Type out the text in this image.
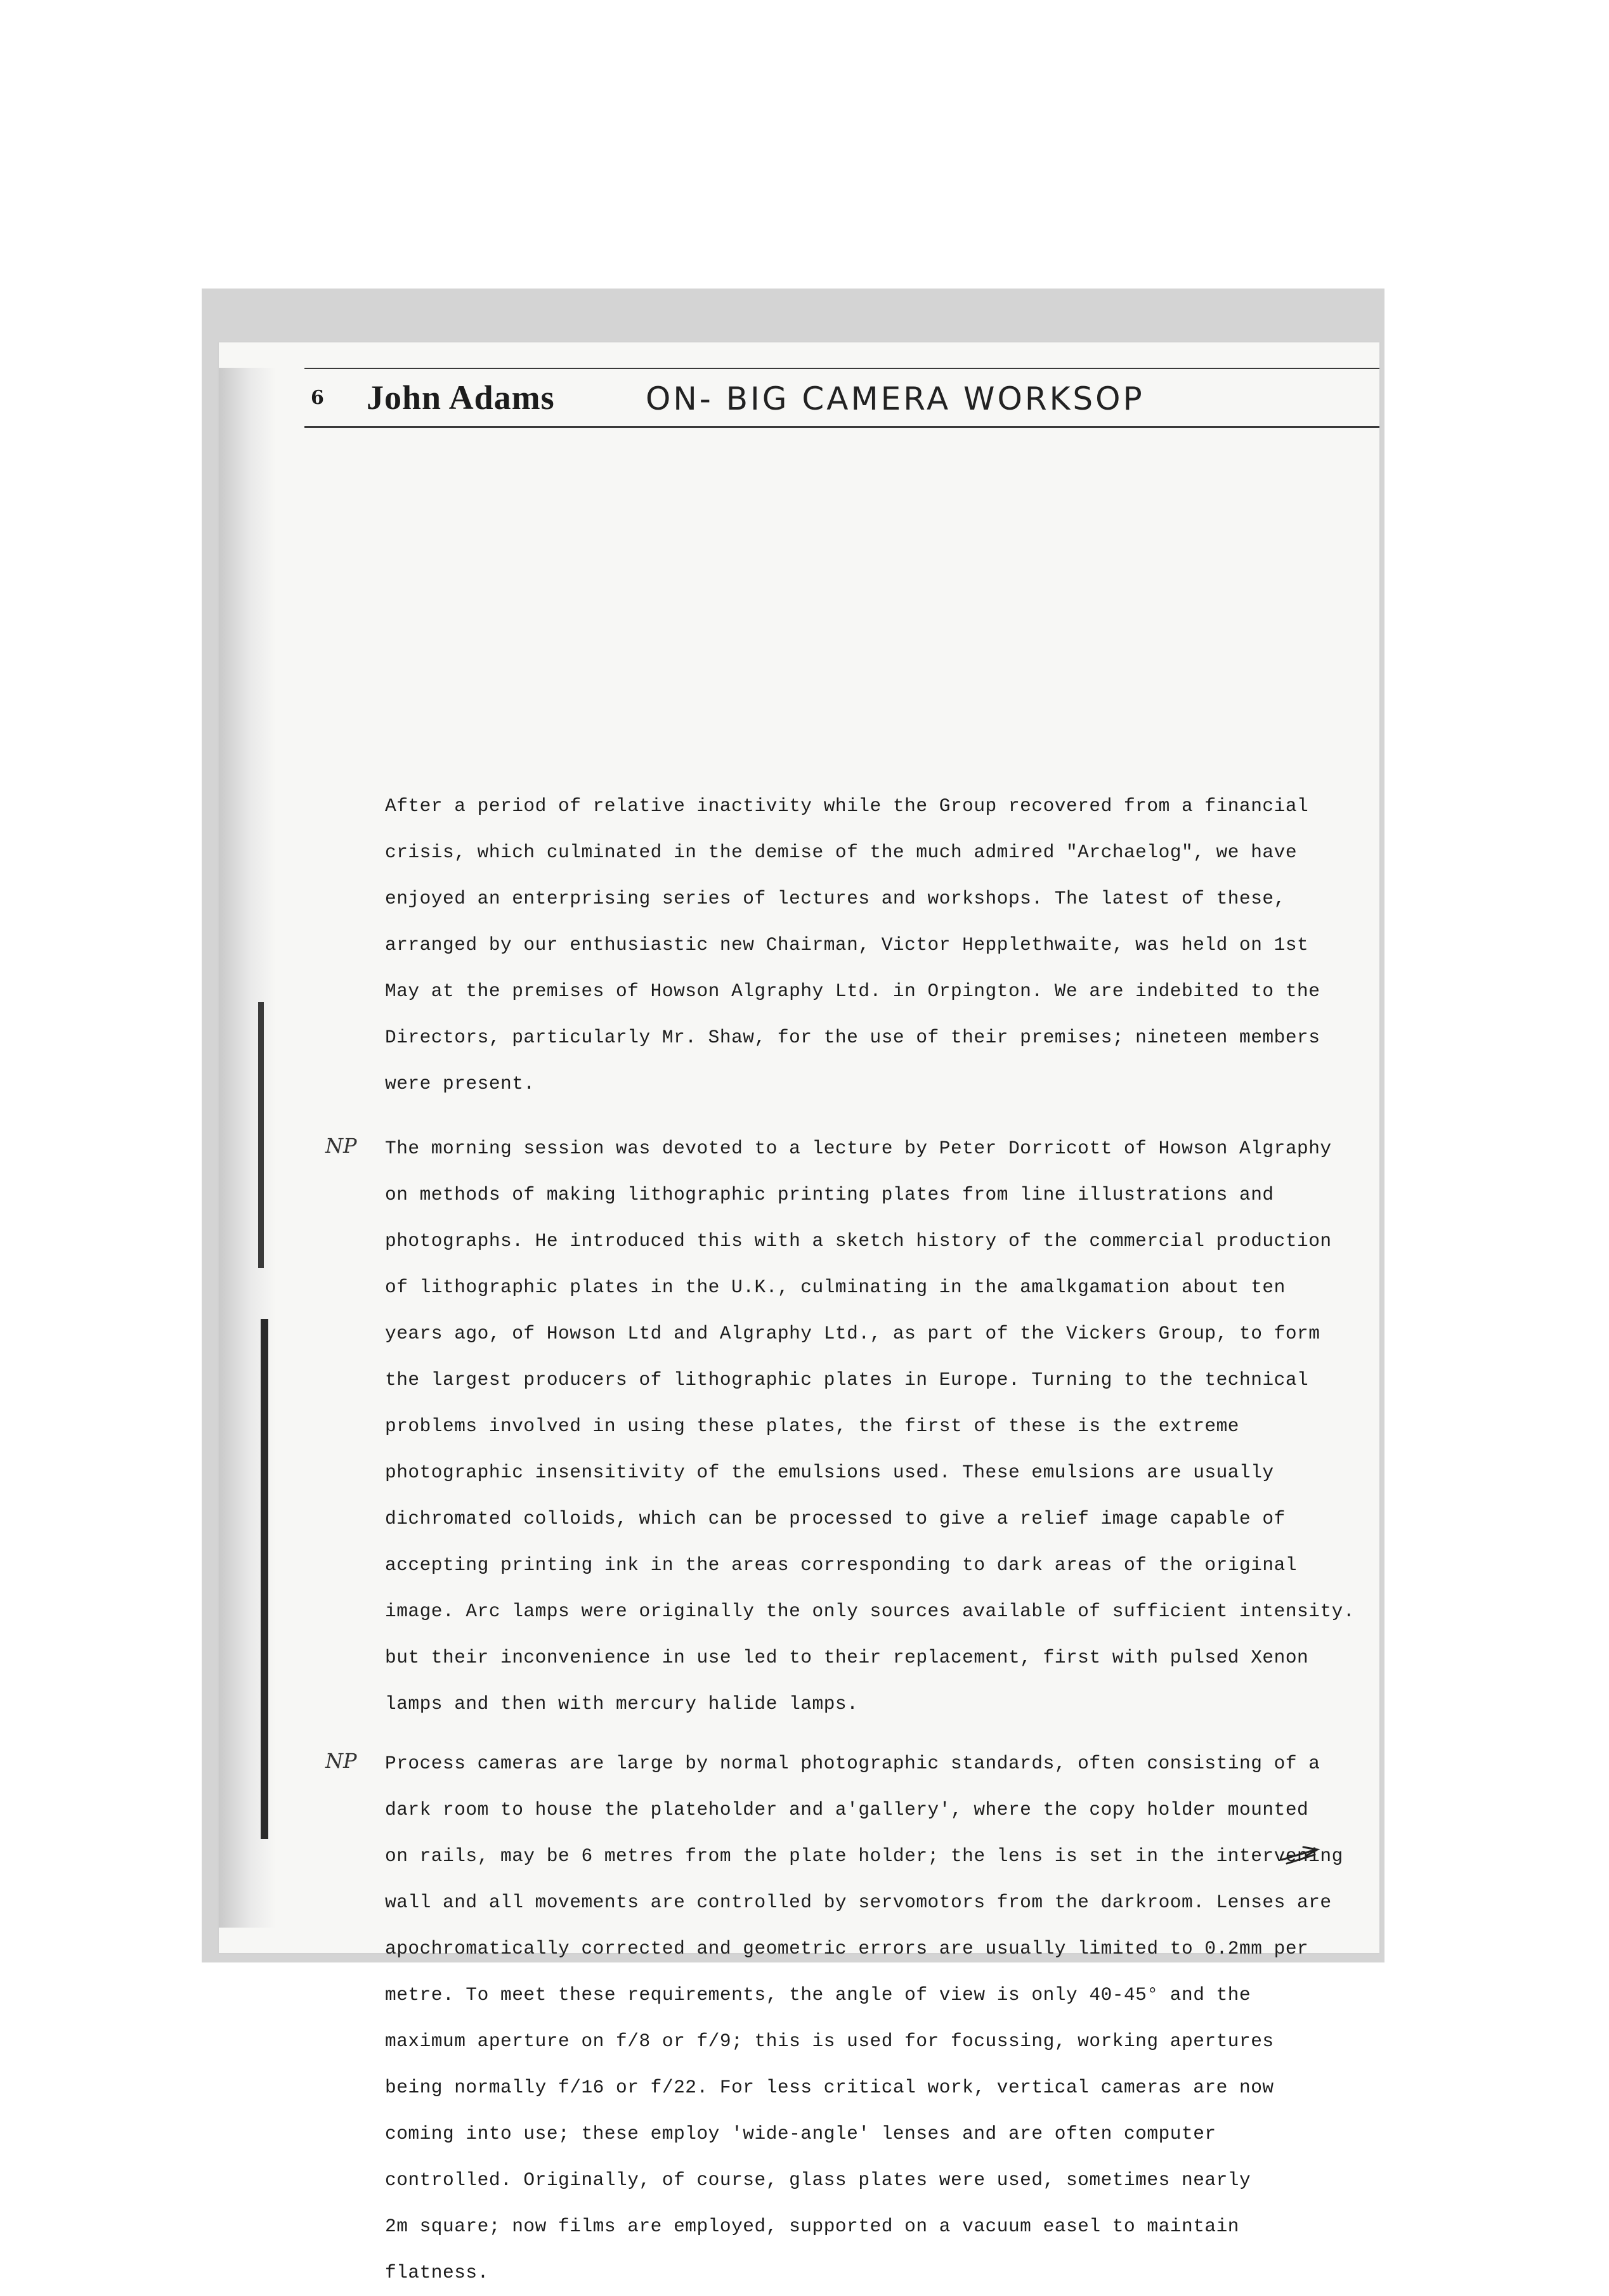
6 John Adams	ON- BIG CAMERA WORKSOP
After a period of relative inactivity while the Group recovered from a financial
crisis, which culminated in the demise of the much admired "Archaelog", we have
enjoyed an enterprising series of lectures and workshops. The latest of these,
arranged by our enthusiastic new Chairman, Victor Hepplethwaite, was held on 1st
May at the premises of Howson Algraphy Ltd. in Orpington. We are indebited to the
Directors, particularly Mr. Shaw, for the use of their premises; nineteen members
were present.
NP The morning session was devoted to a lecture by Peter Dorricott of Howson Algraphy
on methods of making lithographic printing plates from line illustrations and
photographs. He introduced this with a sketch history of the commercial production
of lithographic plates in the U.K., culminating in the amalkgamation about ten
years ago, of Howson Ltd and Algraphy Ltd., as part of the Vickers Group, to form
the largest producers of lithographic plates in Europe. Turning to the technical
problems involved in using these plates, the first of these is the extreme
photographic insensitivity of the emulsions used. These emulsions are usually
dichromated colloids, which can be processed to give a relief image capable of
accepting printing ink in the areas corresponding to dark areas of the original
image. Arc lamps were originally the only sources available of sufficient intensity.
but their inconvenience in use led to their replacement, first with pulsed Xenon
lamps and then with mercury halide lamps.
NP Process cameras are large by normal photographic standards, often consisting of a
dark room to house the plateholder and a'gallery', where the copy holder mounted
on rails, may be 6 metres from the plate holder; the lens is set in the intervening
wall and all movements are controlled by servomotors from the darkroom. Lenses are
apochromatically corrected and geometric errors are usually limited to 0.2mm per
metre. To meet these requirements, the angle of view is only 40-45° and the
maximum aperture on f/8 or f/9; this is used for focussing, working apertures
being normally f/16 or f/22. For less critical work, vertical cameras are now
coming into use; these employ 'wide-angle' lenses and are often computer
controlled. Originally, of course, glass plates were used, sometimes nearly
2m square; now films are employed, supported on a vacuum easel to maintain
flatness.
